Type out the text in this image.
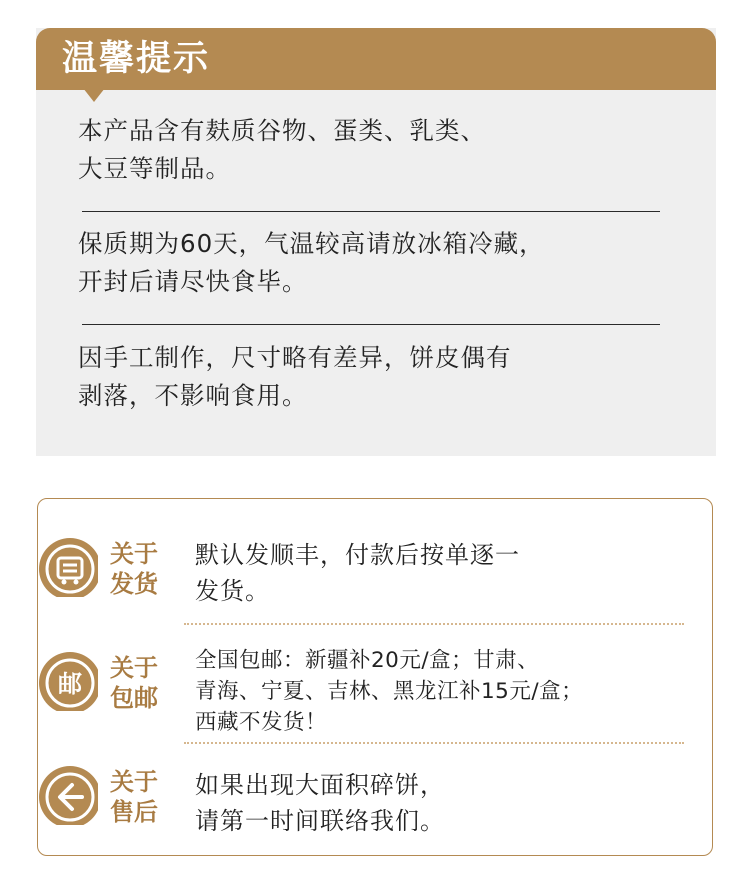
温馨提示
本产品含有麸质谷物、蛋类、乳类、
大豆等制品。
保质期为60天，气温较高请放冰箱冷藏，
开封后请尽快食毕。
因手工制作，尺寸略有差异，饼皮偶有
剥落，不影响食用。
关于
发货
默认发顺丰，付款后按单逐一
发货。
邮
关于
包邮
全国包邮：新疆补20元/盒；甘肃、
青海、宁夏、吉林、黑龙江补15元/盒；
西藏不发货！
关于
售后
如果出现大面积碎饼，
请第一时间联络我们。
